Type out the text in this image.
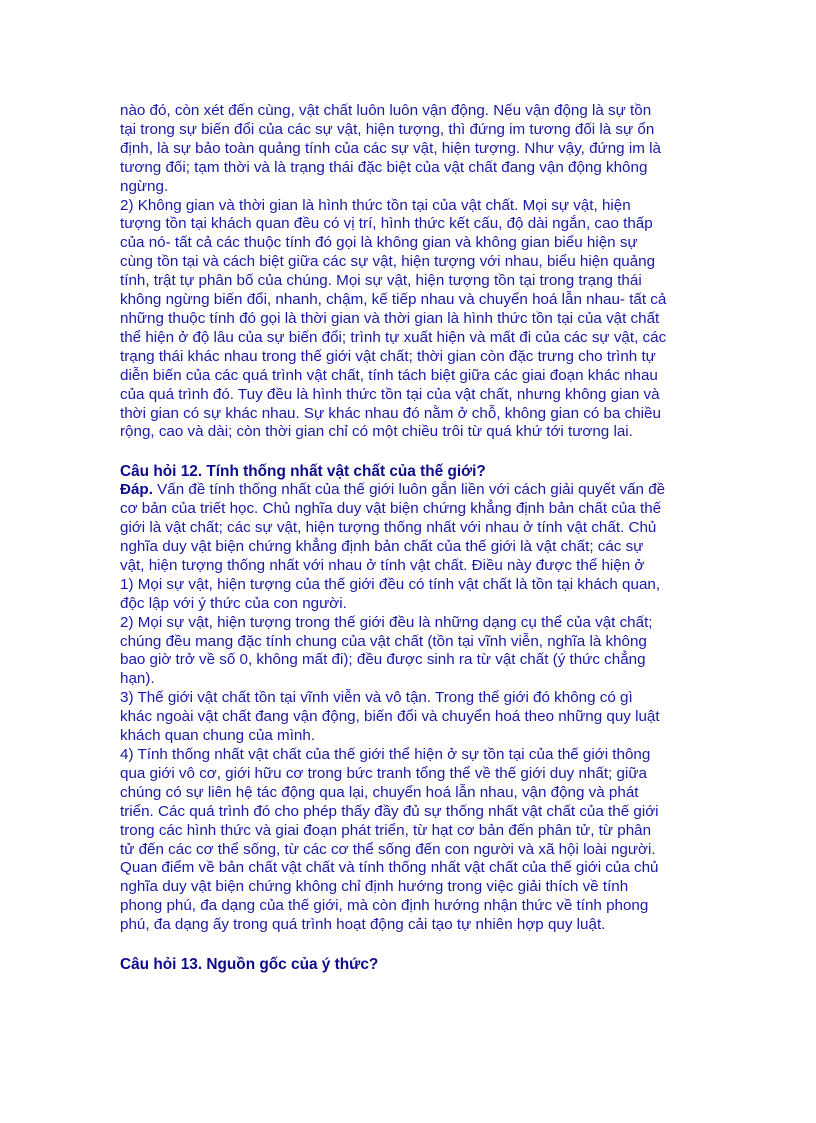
nào đó, còn xét đến cùng, vật chất luôn luôn vận động. Nếu vận động là sự tồn

tại trong sự biến đổi của các sự vật, hiện tượng, thì đứng im tương đối là sự ổn

định, là sự bảo toàn quảng tính của các sự vật, hiện tượng. Như vậy, đứng im là

tương đối; tạm thời và là trạng thái đặc biệt của vật chất đang vận động không

ngừng.

2) Không gian và thời gian là hình thức tồn tại của vật chất. Mọi sự vật, hiện

tượng tồn tại khách quan đều có vị trí, hình thức kết cấu, độ dài ngắn, cao thấp

của nó- tất cả các thuộc tính đó gọi là không gian và không gian biểu hiện sự

cùng tồn tại và cách biệt giữa các sự vật, hiện tượng với nhau, biểu hiện quảng

tính, trật tự phân bố của chúng. Mọi sự vật, hiện tượng tồn tại trong trạng thái

không ngừng biến đổi, nhanh, chậm, kế tiếp nhau và chuyển hoá lẫn nhau- tất cả

những thuộc tính đó gọi là thời gian và thời gian là hình thức tồn tại của vật chất

thể hiện ở độ lâu của sự biến đổi; trình tự xuất hiện và mất đi của các sự vật, các

trạng thái khác nhau trong thế giới vật chất; thời gian còn đặc trưng cho trình tự

diễn biến của các quá trình vật chất, tính tách biệt giữa các giai đoạn khác nhau

của quá trình đó. Tuy đều là hình thức tồn tại của vật chất, nhưng không gian và

thời gian có sự khác nhau. Sự khác nhau đó nằm ở chỗ, không gian có ba chiều

rộng, cao và dài; còn thời gian chỉ có một chiều trôi từ quá khứ tới tương lai.

Câu hỏi 12. Tính thống nhất vật chất của thế giới?

Đáp. Vấn đề tính thống nhất của thế giới luôn gắn liền với cách giải quyết vấn đề

cơ bản của triết học. Chủ nghĩa duy vật biện chứng khẳng định bản chất của thế

giới là vật chất; các sự vật, hiện tượng thống nhất với nhau ở tính vật chất. Chủ

nghĩa duy vật biện chứng khẳng định bản chất của thế giới là vật chất; các sự

vật, hiện tượng thống nhất với nhau ở tính vật chất. Điều này được thể hiện ở

1) Mọi sự vật, hiện tượng của thế giới đều có tính vật chất là tồn tại khách quan,

độc lập với ý thức của con người.

2) Mọi sự vật, hiện tượng trong thế giới đều là những dạng cụ thể của vật chất;

chúng đều mang đặc tính chung của vật chất (tồn tại vĩnh viễn, nghĩa là không

bao giờ trở về số 0, không mất đi); đều được sinh ra từ vật chất (ý thức chẳng

hạn).

3) Thế giới vật chất tồn tại vĩnh viễn và vô tận. Trong thế giới đó không có gì

khác ngoài vật chất đang vận động, biến đổi và chuyển hoá theo những quy luật

khách quan chung của mình.

4) Tính thống nhất vật chất của thế giới thể hiện ở sự tồn tại của thế giới thông

qua giới vô cơ, giới hữu cơ trong bức tranh tổng thể về thế giới duy nhất; giữa

chúng có sự liên hệ tác động qua lại, chuyển hoá lẫn nhau, vận động và phát

triển. Các quá trình đó cho phép thấy đầy đủ sự thống nhất vật chất của thế giới

trong các hình thức và giai đoạn phát triển, từ hạt cơ bản đến phân tử, từ phân

tử đến các cơ thể sống, từ các cơ thể sống đến con người và xã hội loài người.

Quan điểm về bản chất vật chất và tính thống nhất vật chất của thế giới của chủ

nghĩa duy vật biện chứng không chỉ định hướng trong việc giải thích về tính

phong phú, đa dạng của thế giới, mà còn định hướng nhận thức về tính phong

phú, đa dạng ấy trong quá trình hoạt động cải tạo tự nhiên hợp quy luật.

Câu hỏi 13. Nguồn gốc của ý thức?
